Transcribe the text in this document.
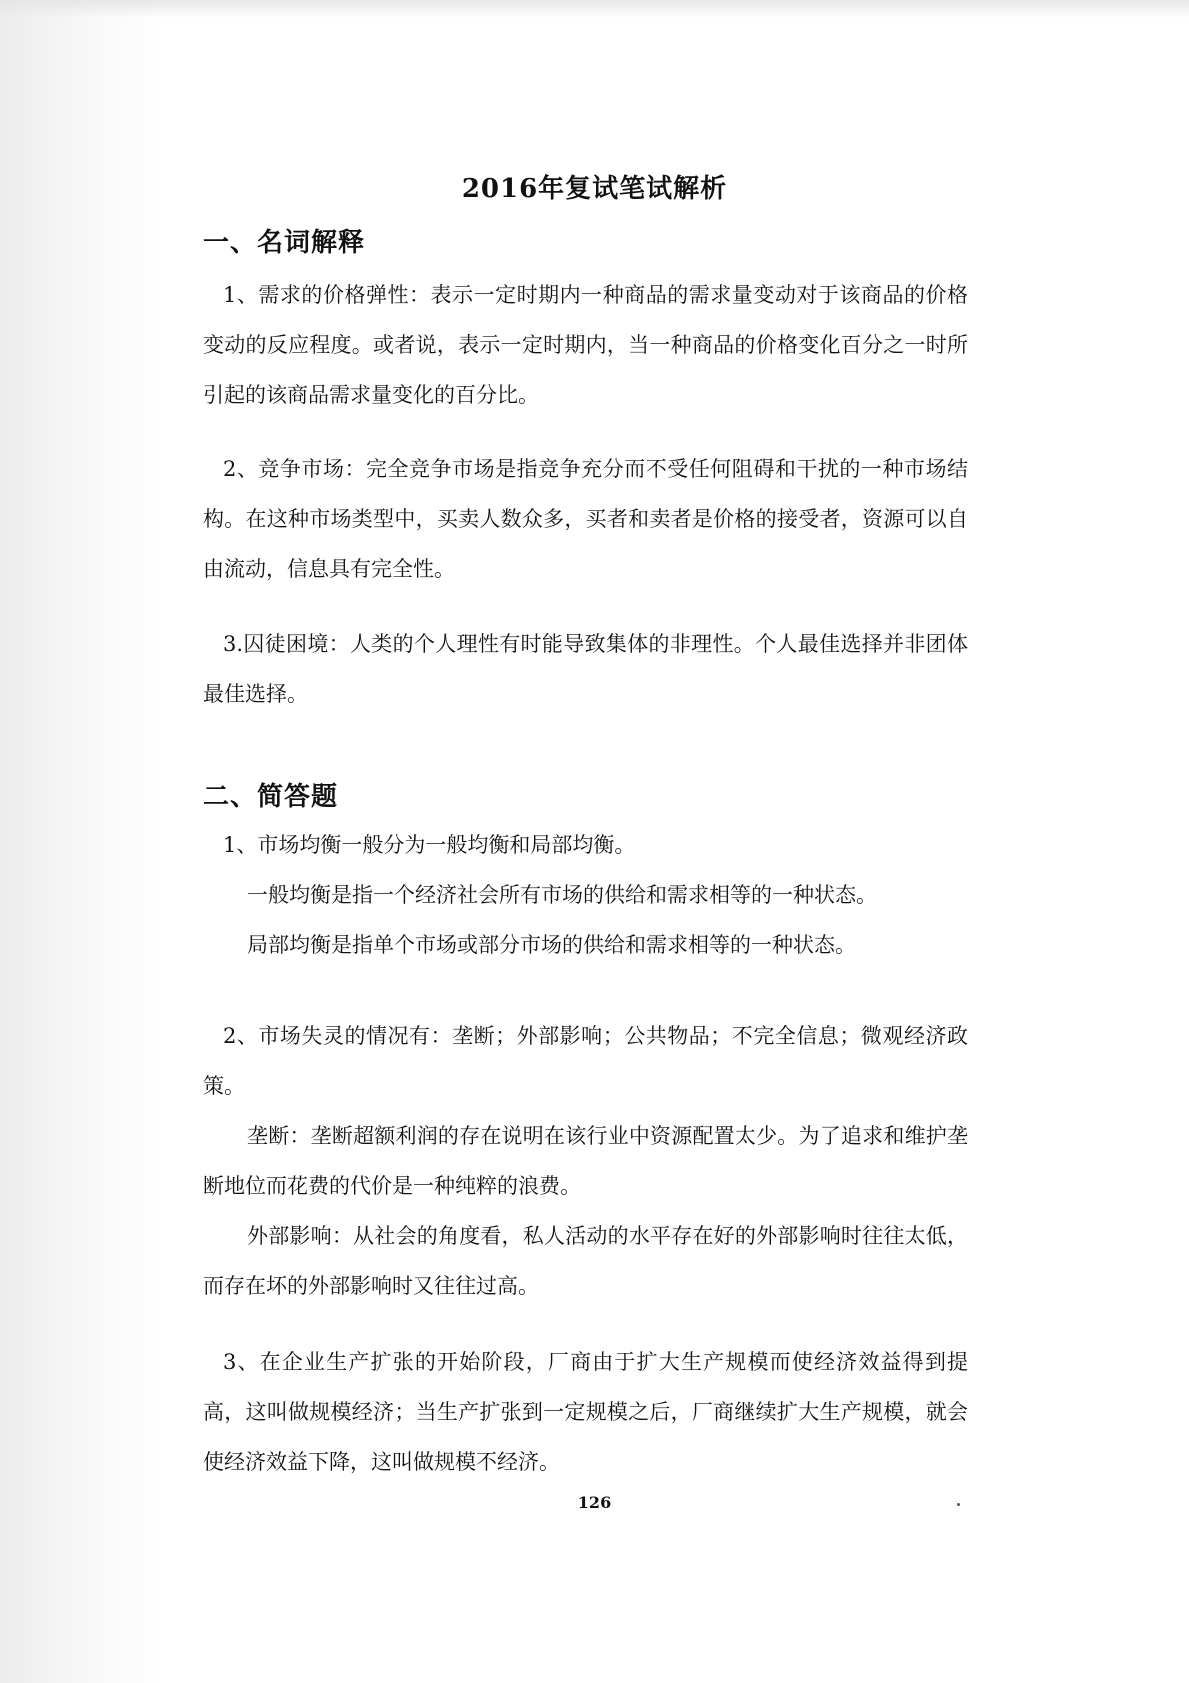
2016年复试笔试解析
一、名词解释
1、需求的价格弹性：表示一定时期内一种商品的需求量变动对于该商品的价格变动的反应程度。或者说，表示一定时期内，当一种商品的价格变化百分之一时所引起的该商品需求量变化的百分比。
2、竞争市场：完全竞争市场是指竞争充分而不受任何阻碍和干扰的一种市场结构。在这种市场类型中，买卖人数众多，买者和卖者是价格的接受者，资源可以自由流动，信息具有完全性。
3.囚徒困境：人类的个人理性有时能导致集体的非理性。个人最佳选择并非团体最佳选择。
二、简答题
1、市场均衡一般分为一般均衡和局部均衡。
一般均衡是指一个经济社会所有市场的供给和需求相等的一种状态。
局部均衡是指单个市场或部分市场的供给和需求相等的一种状态。
2、市场失灵的情况有：垄断；外部影响；公共物品；不完全信息；微观经济政策。
垄断：垄断超额利润的存在说明在该行业中资源配置太少。为了追求和维护垄断地位而花费的代价是一种纯粹的浪费。
外部影响：从社会的角度看，私人活动的水平存在好的外部影响时往往太低，而存在坏的外部影响时又往往过高。
3、在企业生产扩张的开始阶段，厂商由于扩大生产规模而使经济效益得到提高，这叫做规模经济；当生产扩张到一定规模之后，厂商继续扩大生产规模，就会使经济效益下降，这叫做规模不经济。
126
